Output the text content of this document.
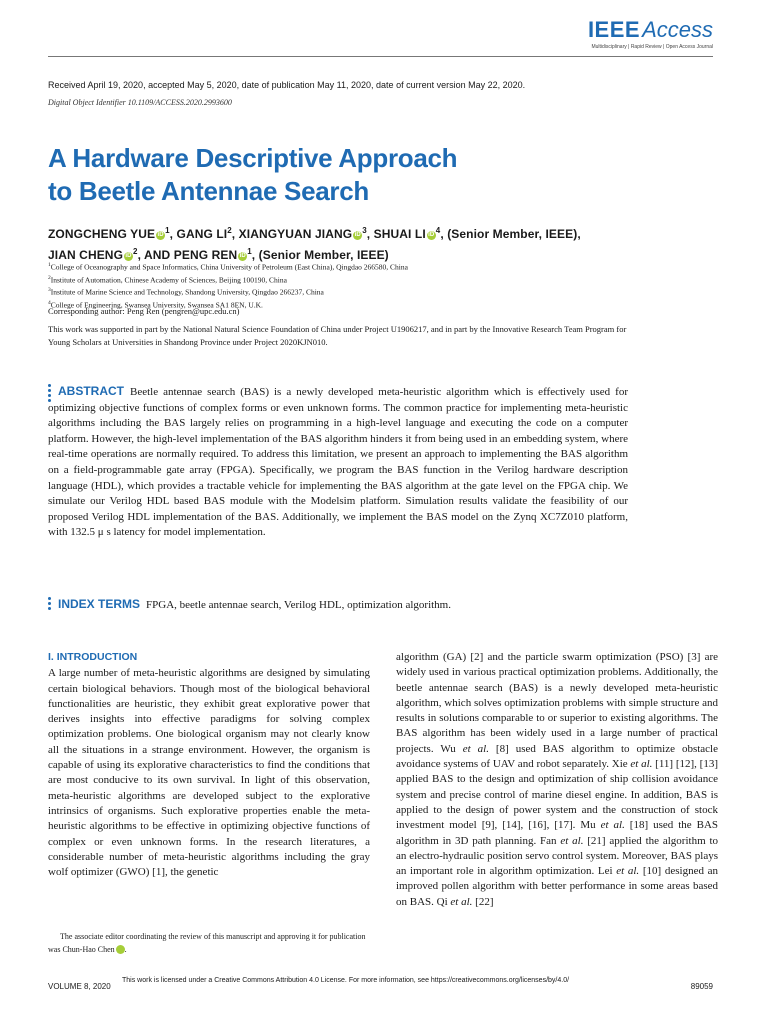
IEEEAccess
Multidisciplinary | Rapid Review | Open Access Journal
Received April 19, 2020, accepted May 5, 2020, date of publication May 11, 2020, date of current version May 22, 2020.
Digital Object Identifier 10.1109/ACCESS.2020.2993600
A Hardware Descriptive Approach
to Beetle Antennae Search
ZONGCHENG YUE $iD^1$, GANG $LI^2$, XIANGYUAN JIANG $iD^3$, SHUAI LI $iD^4$, (Senior Member, IEEE),
JIAN CHENG $iD^2$, AND PENG REN $iD^1$, (Senior Member, IEEE)
$^1$College of Oceanography and Space Informatics, China University of Petroleum (East China), Qingdao 266580, China
$^2$Institute of Automation, Chinese Academy of Sciences, Beijing 100190, China
$^3$Institute of Marine Science and Technology, Shandong University, Qingdao 266237, China
$^4$College of Engineering, Swansea University, Swansea SA1 8EN, U.K.
Corresponding author: Peng Ren (pengren@upc.edu.cn)
This work was supported in part by the National Natural Science Foundation of China under Project U1906217, and in part by the Innovative Research Team Program for Young Scholars at Universities in Shandong Province under Project 2020KJN010.
ABSTRACT Beetle antennae search (BAS) is a newly developed meta-heuristic algorithm which is effectively used for optimizing objective functions of complex forms or even unknown forms. The common practice for implementing meta-heuristic algorithms including the BAS largely relies on programming in a high-level language and executing the code on a computer platform. However, the high-level implementation of the BAS algorithm hinders it from being used in an embedding system, where real-time operations are normally required. To address this limitation, we present an approach to implementing the BAS algorithm on a field-programmable gate array (FPGA). Specifically, we program the BAS function in the Verilog hardware description language (HDL), which provides a tractable vehicle for implementing the BAS algorithm at the gate level on the FPGA chip. We simulate our Verilog HDL based BAS module with the Modelsim platform. Simulation results validate the feasibility of our proposed Verilog HDL implementation of the BAS. Additionally, we implement the BAS model on the Zynq XC7Z010 platform, with 132.5 μ s latency for model implementation.
INDEX TERMS FPGA, beetle antennae search, Verilog HDL, optimization algorithm.
I. INTRODUCTION
A large number of meta-heuristic algorithms are designed by simulating certain biological behaviors. Though most of the biological behavioral functionalities are heuristic, they exhibit great explorative power that derives insights into effective paradigms for solving complex optimization problems. One biological organism may not clearly know all the situations in a strange environment. However, the organism is capable of using its explorative characteristics to find the conditions that are most conducive to its own survival. In light of this observation, meta-heuristic algorithms are developed subject to the explorative intrinsics of organisms. Such explorative properties enable the meta-heuristic algorithms to be effective in optimizing objective functions of complex or even unknown forms. In the research literatures, a considerable number of meta-heuristic algorithms including the gray wolf optimizer (GWO) [1], the genetic
algorithm (GA) [2] and the particle swarm optimization (PSO) [3] are widely used in various practical optimization problems. Additionally, the beetle antennae search (BAS) is a newly developed meta-heuristic algorithm, which solves optimization problems with simple structure and results in solutions comparable to or superior to existing algorithms. The BAS algorithm has been widely used in a large number of practical projects. Wu et al. [8] used BAS algorithm to optimize obstacle avoidance systems of UAV and robot separately. Xie et al. [11] [12], [13] applied BAS to the design and optimization of ship collision avoidance system and precise control of marine diesel engine. In addition, BAS is applied to the design of power system and the construction of stock investment model [9], [14], [16], [17]. Mu et al. [18] used the BAS algorithm in 3D path planning. Fan et al. [21] applied the algorithm to an electro-hydraulic position servo control system. Moreover, BAS plays an important role in algorithm optimization. Lei et al. [10] designed an improved pollen algorithm with better performance in some areas based on BAS. Qi et al. [22]
The associate editor coordinating the review of this manuscript and approving it for publication was Chun-Hao Chen iD.
VOLUME 8, 2020
This work is licensed under a Creative Commons Attribution 4.0 License. For more information, see https://creativecommons.org/licenses/by/4.0/
89059
